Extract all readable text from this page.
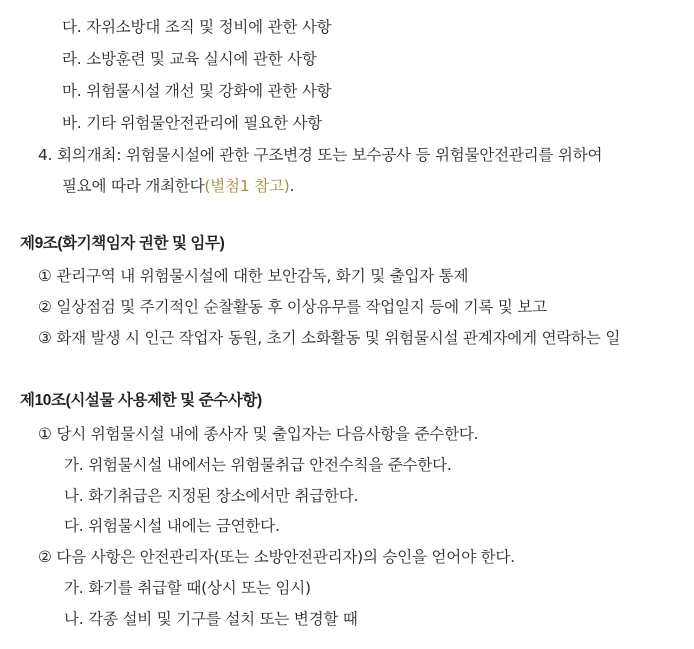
다. 자위소방대 조직 및 정비에 관한 사항
라. 소방훈련 및 교육 실시에 관한 사항
마. 위험물시설 개선 및 강화에 관한 사항
바. 기타 위험물안전관리에 필요한 사항
4. 회의개최: 위험물시설에 관한 구조변경 또는 보수공사 등 위험물안전관리를 위하여
필요에 따라 개최한다(별첨1 참고).
제9조(화기책임자 권한 및 임무)
① 관리구역 내 위험물시설에 대한 보안감독, 화기 및 출입자 통제
② 일상점검 및 주기적인 순찰활동 후 이상유무를 작업일지 등에 기록 및 보고
③ 화재 발생 시 인근 작업자 동원, 초기 소화활동 및 위험물시설 관계자에게 연락하는 일
제10조(시설물 사용제한 및 준수사항)
① 당시 위험물시설 내에 종사자 및 출입자는 다음사항을 준수한다.
가. 위험물시설 내에서는 위험물취급 안전수칙을 준수한다.
나. 화기취급은 지정된 장소에서만 취급한다.
다. 위험물시설 내에는 금연한다.
② 다음 사항은 안전관리자(또는 소방안전관리자)의 승인을 얻어야 한다.
가. 화기를 취급할 때(상시 또는 임시)
나. 각종 설비 및 기구를 설치 또는 변경할 때
